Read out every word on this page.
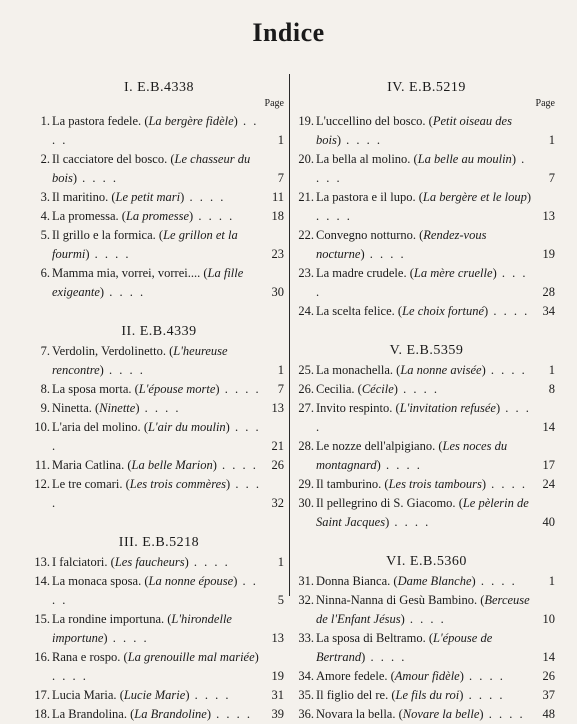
Indice
I. E.B.4338
Page
1 . La pastora fedele. ( La bergère fidèle ) . . . .	1
2 . Il cacciatore del bosco. ( Le chasseur du bois ) . . . .	7
3 . Il maritino. ( Le petit mari ) . . . .	11
4 . La promessa. ( La promesse ) . . . .	18
5 . Il grillo e la formica. ( Le grillon et la fourmi ) . . . .	23
6 . Mamma mia, vorrei, vorrei.... ( La fille exigeante ) . . . .	30
II. E.B.4339
7 . Verdolin, Verdolinetto. ( L'heureuse rencontre ) . . . .	1
8 . La sposa morta. ( L'épouse morte ) . . . .	7
9 . Ninetta. ( Ninette ) . . . .	13
10 . L'aria del molino. ( L'air du moulin ) . . . .	21
11 . Maria Catlina. ( La belle Marion ) . . . .	26
12 . Le tre comari. ( Les trois commères ) . . . .	32
III. E.B.5218
13 . I falciatori. ( Les faucheurs ) . . . .	1
14 . La monaca sposa. ( La nonne épouse ) . . . .	5
15 . La rondine importuna. ( L'hirondelle importune ) . . . .	13
16 . Rana e rospo. ( La grenouille mal mariée ) . . . .	19
17 . Lucia Maria. ( Lucie Marie ) . . . .	31
18 . La Brandolina. ( La Brandoline ) . . . .	39
IV. E.B.5219
Page
19 . L'uccellino del bosco. ( Petit oiseau des bois ) . . . .	1
20 . La bella al molino. ( La belle au moulin ) . . . .	7
21 . La pastora e il lupo. ( La bergère et le loup ) . . . .	13
22 . Convegno notturno. ( Rendez-vous nocturne ) . . . .	19
23 . La madre crudele. ( La mère cruelle ) . . . .	28
24 . La scelta felice. ( Le choix fortuné ) . . . .	34
V. E.B.5359
25 . La monachella. ( La nonne avisée ) . . . .	1
26 . Cecilia. ( Cécile ) . . . .	8
27 . Invito respinto. ( L'invitation refusée ) . . . .	14
28 . Le nozze dell'alpigiano. ( Les noces du montagnard ) . . . .	17
29 . Il tamburino. ( Les trois tambours ) . . . .	24
30 . Il pellegrino di S. Giacomo. ( Le pèlerin de Saint Jacques ) . . . .	40
VI. E.B.5360
31 . Donna Bianca. ( Dame Blanche ) . . . .	1
32 . Ninna-Nanna di Gesù Bambino. ( Berceuse de l'Enfant Jésus ) . . . .	10
33 . La sposa di Beltramo. ( L'épouse de Bertrand ) . . . .	14
34 . Amore fedele. ( Amour fidèle ) . . . .	26
35 . Il figlio del re. ( Le fils du roi ) . . . .	37
36 . Novara la bella. ( Novare la belle ) . . . .	48
